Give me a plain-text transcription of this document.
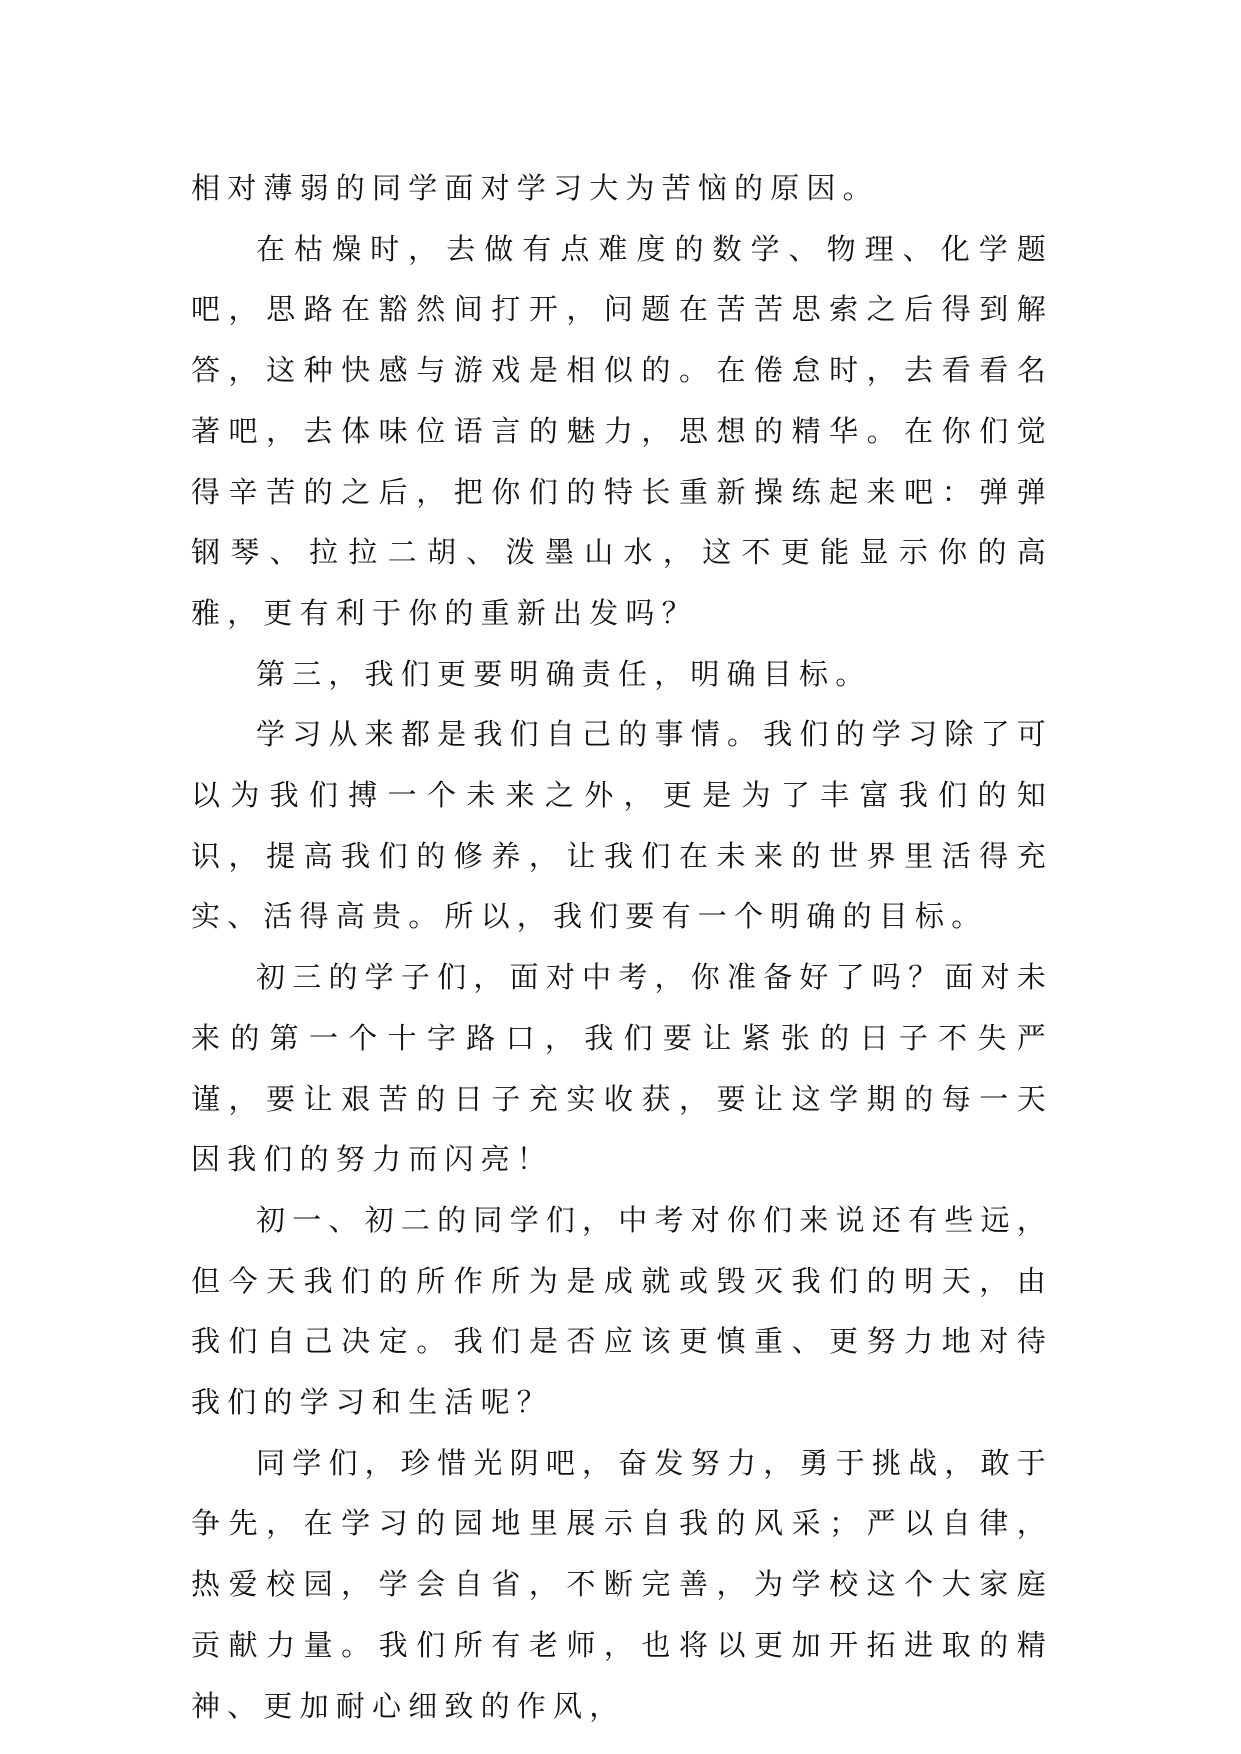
相对薄弱的同学面对学习大为苦恼的原因。

在枯燥时，去做有点难度的数学、物理、化学题吧，思路在豁然间打开，问题在苦苦思索之后得到解答，这种快感与游戏是相似的。在倦怠时，去看看名著吧，去体味位语言的魅力，思想的精华。在你们觉得辛苦的之后，把你们的特长重新操练起来吧：弹弹钢琴、拉拉二胡、泼墨山水，这不更能显示你的高雅，更有利于你的重新出发吗？

第三，我们更要明确责任，明确目标。

学习从来都是我们自己的事情。我们的学习除了可以为我们搏一个未来之外，更是为了丰富我们的知识，提高我们的修养，让我们在未来的世界里活得充实、活得高贵。所以，我们要有一个明确的目标。

初三的学子们，面对中考，你准备好了吗？面对未来的第一个十字路口，我们要让紧张的日子不失严谨，要让艰苦的日子充实收获，要让这学期的每一天因我们的努力而闪亮！

初一、初二的同学们，中考对你们来说还有些远，但今天我们的所作所为是成就或毁灭我们的明天，由我们自己决定。我们是否应该更慎重、更努力地对待我们的学习和生活呢？

同学们，珍惜光阴吧，奋发努力，勇于挑战，敢于争先，在学习的园地里展示自我的风采；严以自律，热爱校园，学会自省，不断完善，为学校这个大家庭贡献力量。我们所有老师，也将以更加开拓进取的精神、更加耐心细致的作风，
